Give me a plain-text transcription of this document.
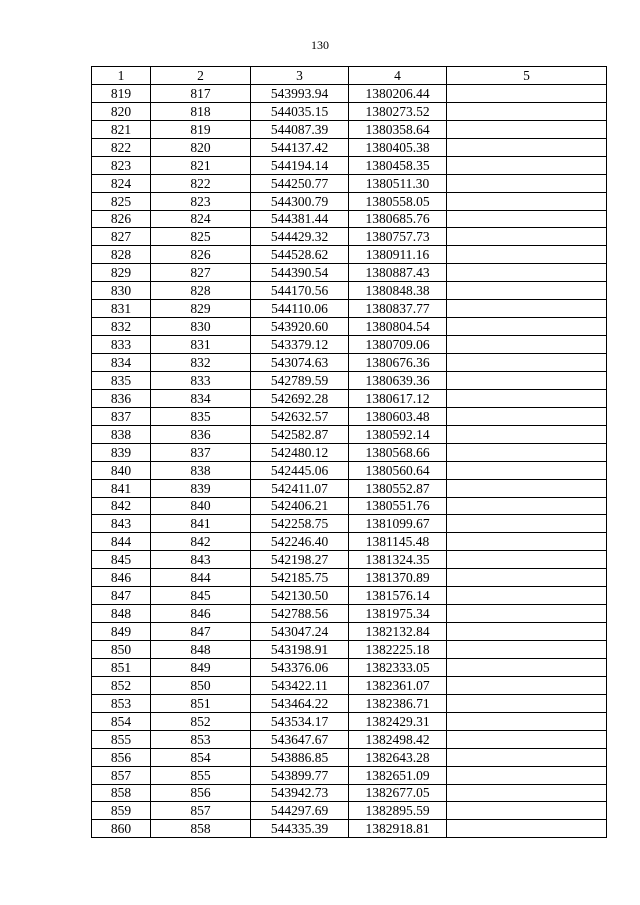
130
1	2	3	4	5
819	817	543993.94	1380206.44	
820	818	544035.15	1380273.52	
821	819	544087.39	1380358.64	
822	820	544137.42	1380405.38	
823	821	544194.14	1380458.35	
824	822	544250.77	1380511.30	
825	823	544300.79	1380558.05	
826	824	544381.44	1380685.76	
827	825	544429.32	1380757.73	
828	826	544528.62	1380911.16	
829	827	544390.54	1380887.43	
830	828	544170.56	1380848.38	
831	829	544110.06	1380837.77	
832	830	543920.60	1380804.54	
833	831	543379.12	1380709.06	
834	832	543074.63	1380676.36	
835	833	542789.59	1380639.36	
836	834	542692.28	1380617.12	
837	835	542632.57	1380603.48	
838	836	542582.87	1380592.14	
839	837	542480.12	1380568.66	
840	838	542445.06	1380560.64	
841	839	542411.07	1380552.87	
842	840	542406.21	1380551.76	
843	841	542258.75	1381099.67	
844	842	542246.40	1381145.48	
845	843	542198.27	1381324.35	
846	844	542185.75	1381370.89	
847	845	542130.50	1381576.14	
848	846	542788.56	1381975.34	
849	847	543047.24	1382132.84	
850	848	543198.91	1382225.18	
851	849	543376.06	1382333.05	
852	850	543422.11	1382361.07	
853	851	543464.22	1382386.71	
854	852	543534.17	1382429.31	
855	853	543647.67	1382498.42	
856	854	543886.85	1382643.28	
857	855	543899.77	1382651.09	
858	856	543942.73	1382677.05	
859	857	544297.69	1382895.59	
860	858	544335.39	1382918.81	
